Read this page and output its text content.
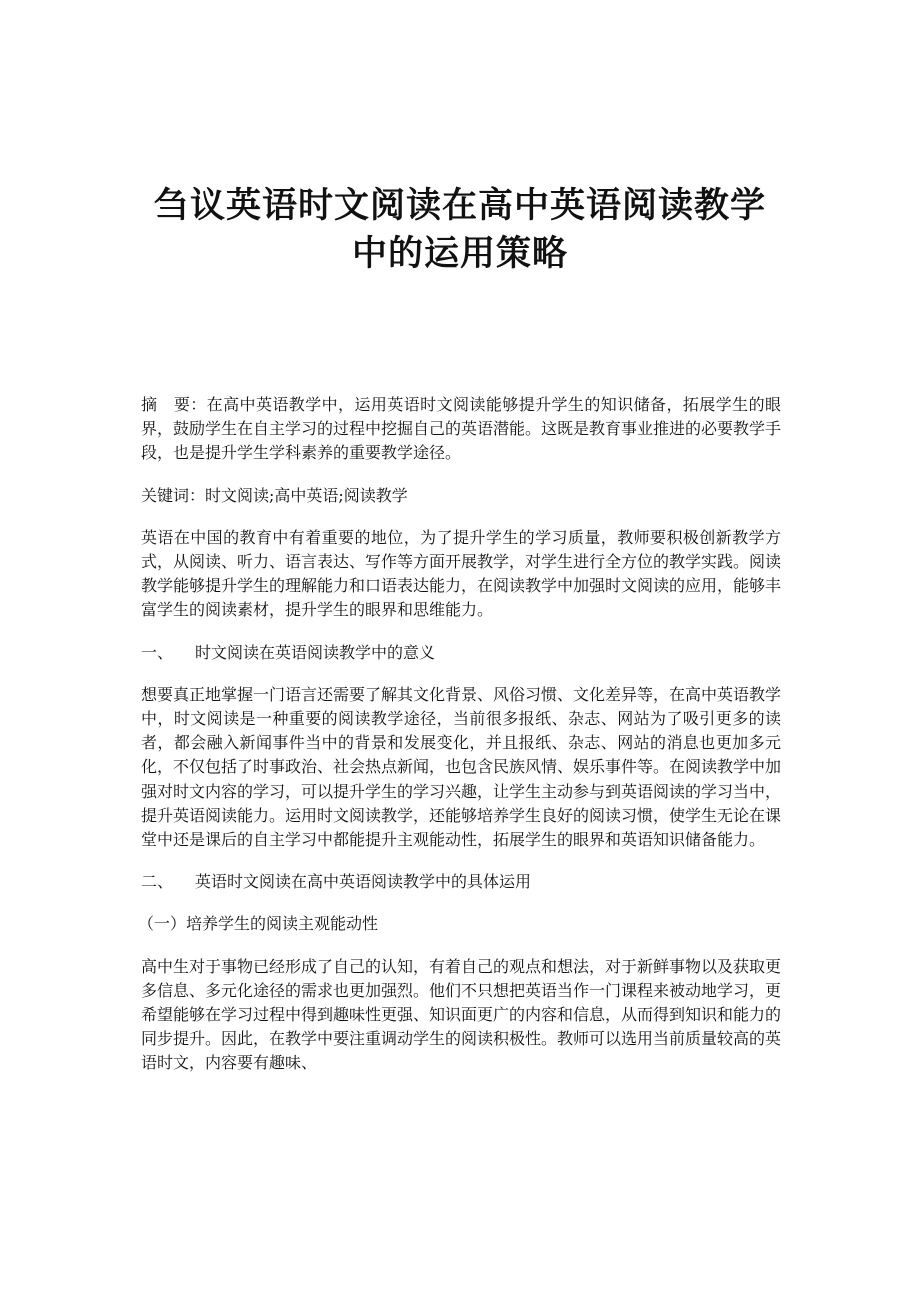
刍议英语时文阅读在高中英语阅读教学
中的运用策略

摘　要：在高中英语教学中，运用英语时文阅读能够提升学生的知识储备，拓展学生的眼界，鼓励学生在自主学习的过程中挖掘自己的英语潜能。这既是教育事业推进的必要教学手段，也是提升学生学科素养的重要教学途径。

关键词：时文阅读;高中英语;阅读教学

英语在中国的教育中有着重要的地位，为了提升学生的学习质量，教师要积极创新教学方式，从阅读、听力、语言表达、写作等方面开展教学，对学生进行全方位的教学实践。阅读教学能够提升学生的理解能力和口语表达能力，在阅读教学中加强时文阅读的应用，能够丰富学生的阅读素材，提升学生的眼界和思维能力。

一、 时文阅读在英语阅读教学中的意义

想要真正地掌握一门语言还需要了解其文化背景、风俗习惯、文化差异等，在高中英语教学中，时文阅读是一种重要的阅读教学途径，当前很多报纸、杂志、网站为了吸引更多的读者，都会融入新闻事件当中的背景和发展变化，并且报纸、杂志、网站的消息也更加多元化，不仅包括了时事政治、社会热点新闻，也包含民族风情、娱乐事件等。在阅读教学中加强对时文内容的学习，可以提升学生的学习兴趣，让学生主动参与到英语阅读的学习当中，提升英语阅读能力。运用时文阅读教学，还能够培养学生良好的阅读习惯，使学生无论在课堂中还是课后的自主学习中都能提升主观能动性，拓展学生的眼界和英语知识储备能力。

二、 英语时文阅读在高中英语阅读教学中的具体运用

（一）培养学生的阅读主观能动性

高中生对于事物已经形成了自己的认知，有着自己的观点和想法，对于新鲜事物以及获取更多信息、多元化途径的需求也更加强烈。他们不只想把英语当作一门课程来被动地学习，更希望能够在学习过程中得到趣味性更强、知识面更广的内容和信息，从而得到知识和能力的同步提升。因此，在教学中要注重调动学生的阅读积极性。教师可以选用当前质量较高的英语时文，内容要有趣味、
